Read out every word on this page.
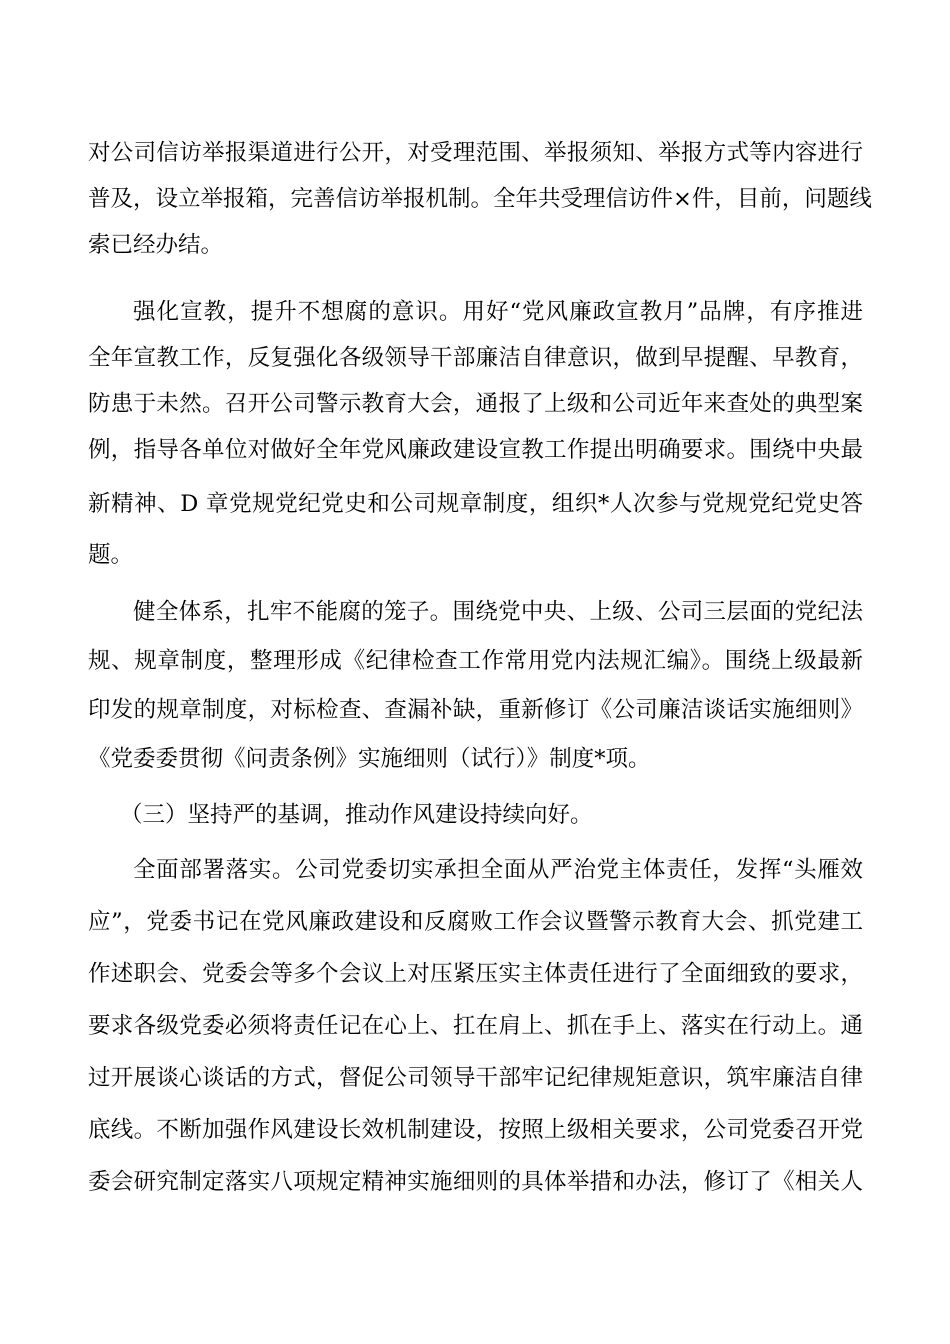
对公司信访举报渠道进行公开，对受理范围、举报须知、举报方式等内容进行
普及，设立举报箱，完善信访举报机制。全年共受理信访件×件，目前，问题线
索已经办结。
强化宣教，提升不想腐的意识。用好“党风廉政宣教月”品牌，有序推进
全年宣教工作，反复强化各级领导干部廉洁自律意识，做到早提醒、早教育，
防患于未然。召开公司警示教育大会，通报了上级和公司近年来查处的典型案
例，指导各单位对做好全年党风廉政建设宣教工作提出明确要求。围绕中央最
新精神、D 章党规党纪党史和公司规章制度，组织*人次参与党规党纪党史答
题。
健全体系，扎牢不能腐的笼子。围绕党中央、上级、公司三层面的党纪法
规、规章制度，整理形成《纪律检查工作常用党内法规汇编》。围绕上级最新
印发的规章制度，对标检查、查漏补缺，重新修订《公司廉洁谈话实施细则》
《党委委贯彻《问责条例》实施细则（试行）》制度*项。
（三）坚持严的基调，推动作风建设持续向好。
全面部署落实。公司党委切实承担全面从严治党主体责任，发挥“头雁效
应”，党委书记在党风廉政建设和反腐败工作会议暨警示教育大会、抓党建工
作述职会、党委会等多个会议上对压紧压实主体责任进行了全面细致的要求，
要求各级党委必须将责任记在心上、扛在肩上、抓在手上、落实在行动上。通
过开展谈心谈话的方式，督促公司领导干部牢记纪律规矩意识，筑牢廉洁自律
底线。不断加强作风建设长效机制建设，按照上级相关要求，公司党委召开党
委会研究制定落实八项规定精神实施细则的具体举措和办法，修订了《相关人
